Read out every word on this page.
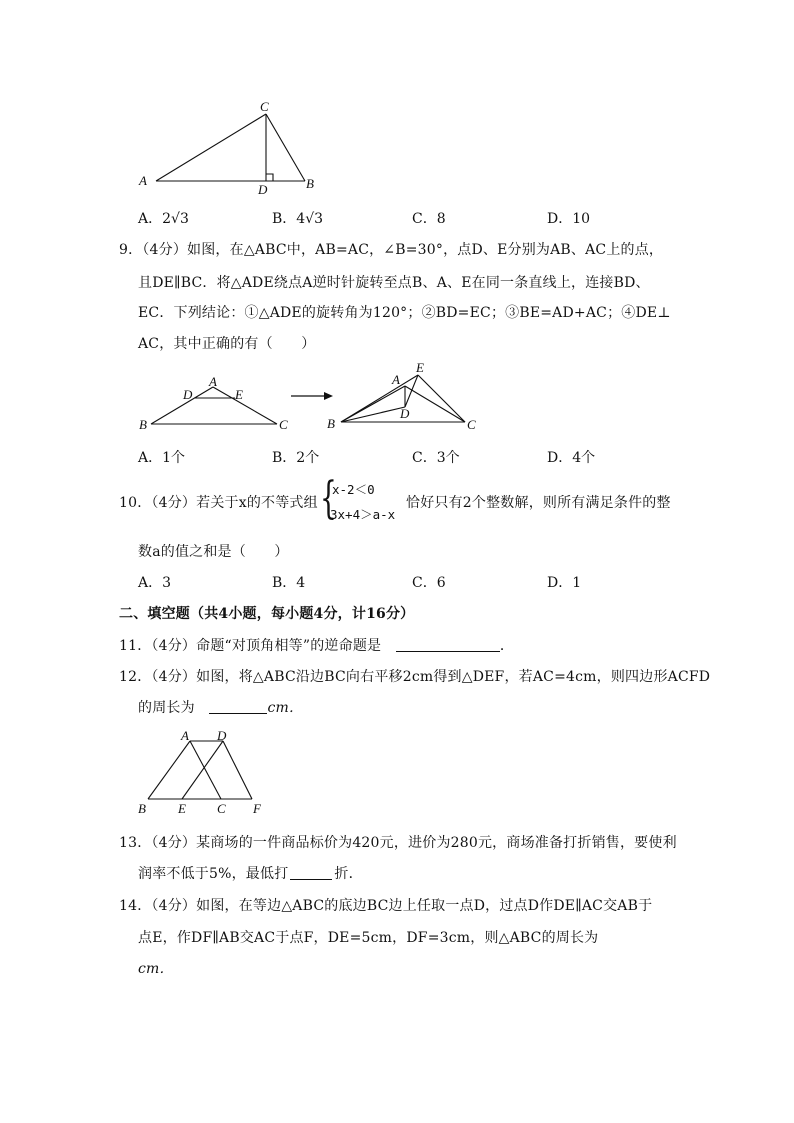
A
C
D	B
A．2√3	B．4√3	C．8	D．10
9．（4分）如图，在△ABC中，AB=AC，∠B=30°，点D、E分别为AB、AC上的点，
且DE∥BC．将△ADE绕点A逆时针旋转至点B、A、E在同一条直线上，连接BD、
EC．下列结论：①△ADE的旋转角为120°；②BD=EC；③BE=AD+AC；④DE⊥
AC，其中正确的有（　　）
B
A
D	E
C	B
A
E
D
C
A．1个	B．2个	C．3个	D．4个
10．（4分）若关于x的不等式组 {
x-2＜0
3x+4＞a-x
恰好只有2个整数解，则所有满足条件的整
数a的值之和是（　　）
A．3	B．4	C．6	D．1
二、填空题（共4小题，每小题4分，计16分）
11．（4分）命题“对顶角相等”的逆命题是	．
12．（4分）如图，将△ABC沿边BC向右平移2cm得到△DEF，若AC=4cm，则四边形ACFD
的周长为	cm．
A D
B E C F
13．（4分）某商场的一件商品标价为420元，进价为280元，商场准备打折销售，要使利
润率不低于5%，最低打	折．
14．（4分）如图，在等边△ABC的底边BC边上任取一点D，过点D作DE∥AC交AB于
点E，作DF∥AB交AC于点F，DE=5cm，DF=3cm，则△ABC的周长为
cm．
